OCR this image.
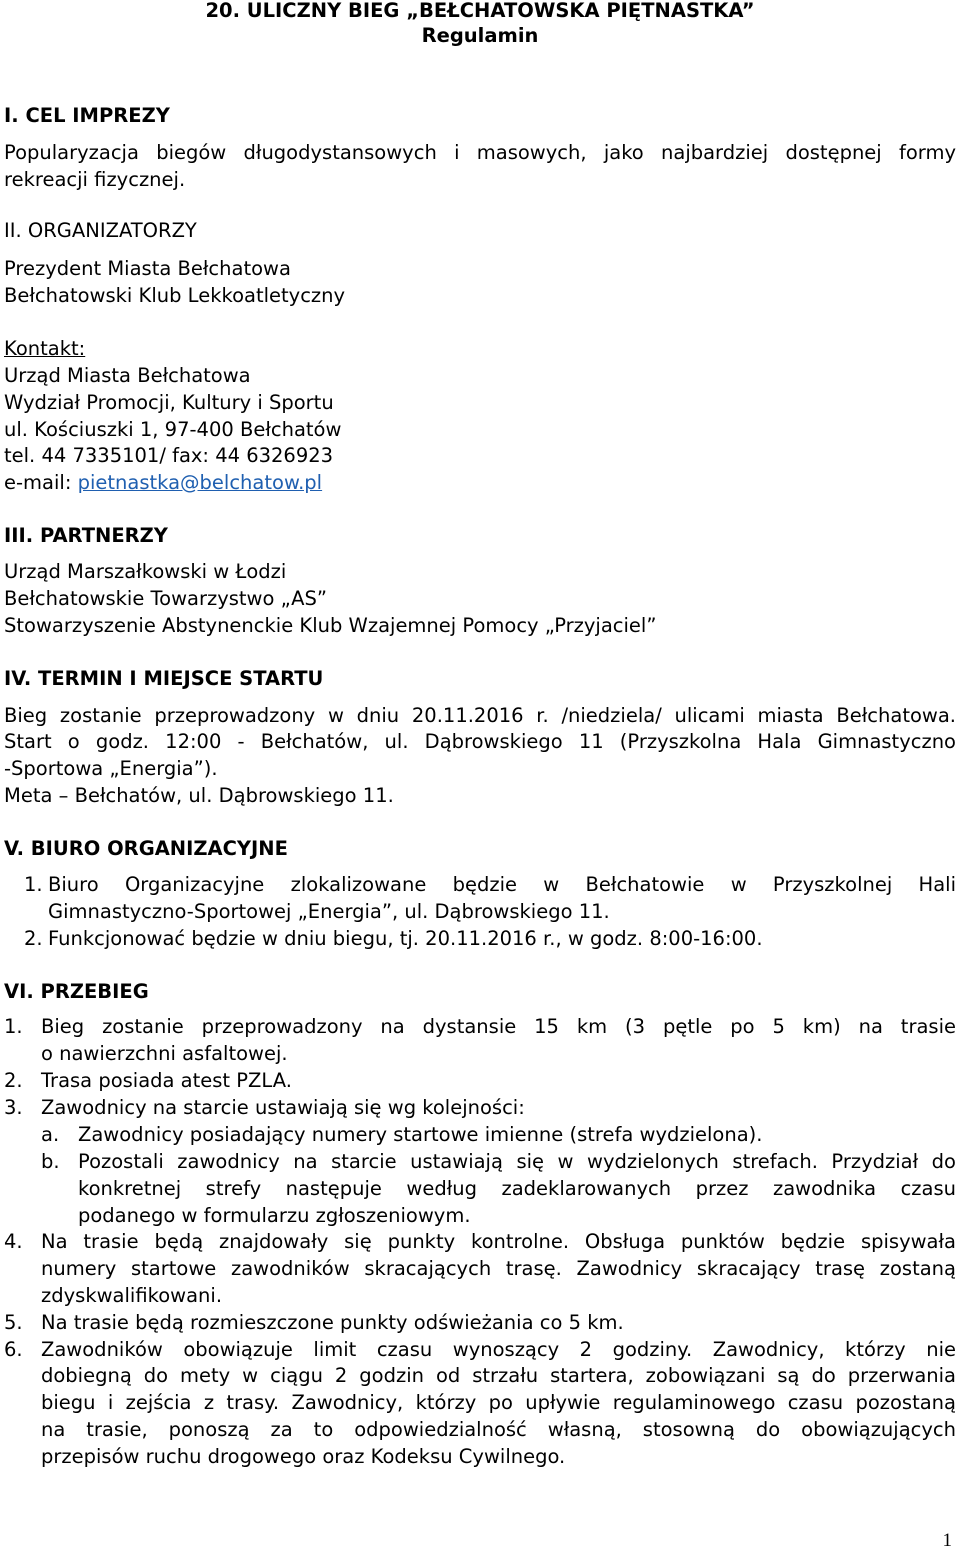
20. ULICZNY BIEG „BEŁCHATOWSKA PIĘTNASTKA”
Regulamin
I. CEL IMPREZY
Popularyzacja biegów długodystansowych i masowych, jako najbardziej dostępnej formy
rekreacji fizycznej.
II. ORGANIZATORZY
Prezydent Miasta Bełchatowa
Bełchatowski Klub Lekkoatletyczny
Kontakt:
Urząd Miasta Bełchatowa
Wydział Promocji, Kultury i Sportu
ul. Kościuszki 1, 97-400 Bełchatów
tel. 44 7335101/ fax: 44 6326923
e-mail: pietnastka@belchatow.pl
III. PARTNERZY
Urząd Marszałkowski w Łodzi
Bełchatowskie Towarzystwo „AS”
Stowarzyszenie Abstynenckie Klub Wzajemnej Pomocy „Przyjaciel”
IV. TERMIN I MIEJSCE STARTU
Bieg zostanie przeprowadzony w dniu 20.11.2016 r. /niedziela/ ulicami miasta Bełchatowa.
Start o godz. 12:00 - Bełchatów, ul. Dąbrowskiego 11 (Przyszkolna Hala Gimnastyczno
-Sportowa „Energia”).
Meta – Bełchatów, ul. Dąbrowskiego 11.
V. BIURO ORGANIZACYJNE
1. Biuro Organizacyjne zlokalizowane będzie w Bełchatowie w Przyszkolnej Hali
Gimnastyczno-Sportowej „Energia”, ul. Dąbrowskiego 11.
2. Funkcjonować będzie w dniu biegu, tj. 20.11.2016 r., w godz. 8:00-16:00.
VI. PRZEBIEG
1. Bieg zostanie przeprowadzony na dystansie 15 km (3 pętle po 5 km) na trasie
o nawierzchni asfaltowej.
2. Trasa posiada atest PZLA.
3. Zawodnicy na starcie ustawiają się wg kolejności:
a. Zawodnicy posiadający numery startowe imienne (strefa wydzielona).
b. Pozostali zawodnicy na starcie ustawiają się w wydzielonych strefach. Przydział do
konkretnej strefy następuje według zadeklarowanych przez zawodnika czasu
podanego w formularzu zgłoszeniowym.
4. Na trasie będą znajdowały się punkty kontrolne. Obsługa punktów będzie spisywała
numery startowe zawodników skracających trasę. Zawodnicy skracający trasę zostaną
zdyskwalifikowani.
5. Na trasie będą rozmieszczone punkty odświeżania co 5 km.
6. Zawodników obowiązuje limit czasu wynoszący 2 godziny. Zawodnicy, którzy nie
dobiegną do mety w ciągu 2 godzin od strzału startera, zobowiązani są do przerwania
biegu i zejścia z trasy. Zawodnicy, którzy po upływie regulaminowego czasu pozostaną
na trasie, ponoszą za to odpowiedzialność własną, stosowną do obowiązujących
przepisów ruchu drogowego oraz Kodeksu Cywilnego.
1
